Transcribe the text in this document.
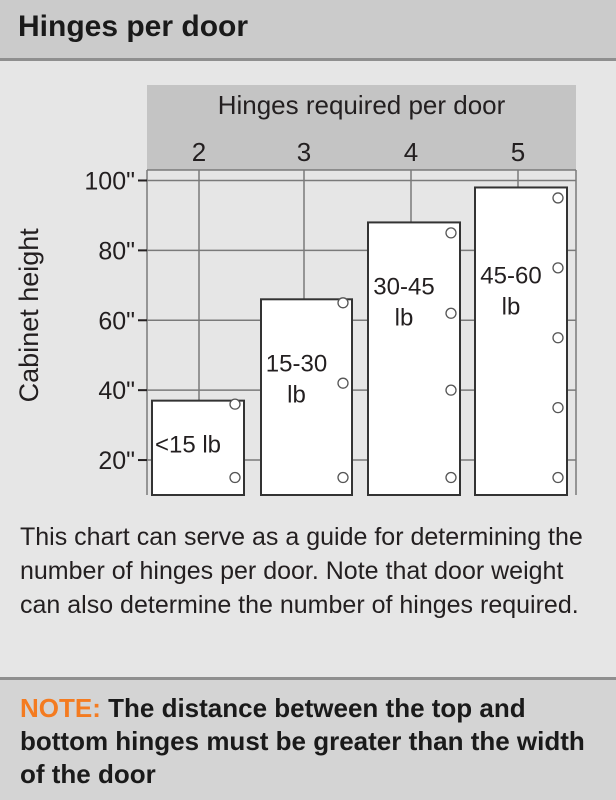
Hinges per door
Hinges required per door
2	3	4	5
20"
40"
60"
80"
100"
Cabinet height
<15 lb
15-30
lb
30-45
lb
45-60
lb

This chart can serve as a guide for determining the number of hinges per door. Note that door weight can also determine the number of hinges required.

NOTE: The distance between the top and bottom hinges must be greater than the width of the door
